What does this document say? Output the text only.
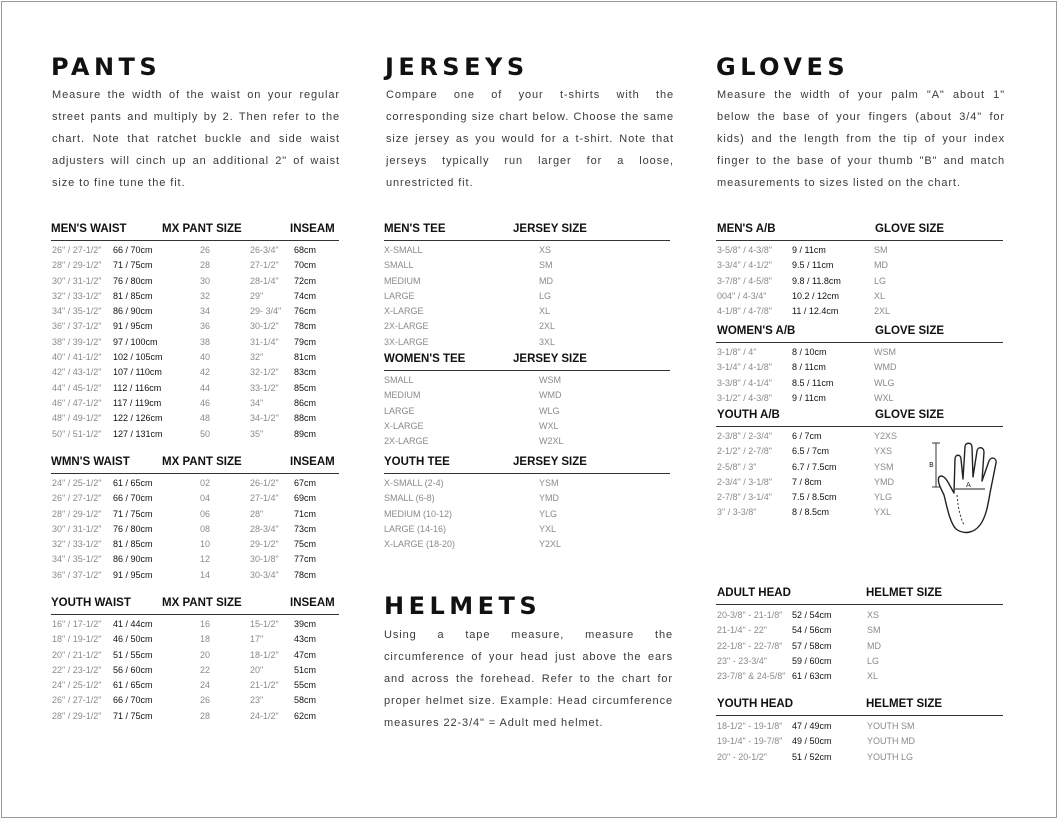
PANTS

Measure the width of the waist on your regular street pants and multiply by 2. Then refer to the chart. Note that ratchet buckle and side waist adjusters will cinch up an additional 2" of waist size to fine tune the fit.

MEN'S WAIST	MX PANT SIZE	INSEAM
26" / 27-1/2" 66 / 70cm	26	26-3/4" 68cm
28" / 29-1/2" 71 / 75cm	28	27-1/2" 70cm
30" / 31-1/2" 76 / 80cm	30	28-1/4" 72cm
32" / 33-1/2" 81 / 85cm	32	29"	74cm
34" / 35-1/2" 86 / 90cm	34	29- 3/4" 76cm
36" / 37-1/2" 91 / 95cm	36	30-1/2" 78cm
38" / 39-1/2" 97 / 100cm	38	31-1/4" 79cm
40" / 41-1/2" 102 / 105cm	40	32"	81cm
42" / 43-1/2" 107 / 110cm	42	32-1/2" 83cm
44" / 45-1/2" 112 / 116cm	44	33-1/2" 85cm
46" / 47-1/2" 117 / 119cm	46	34"	86cm
48" / 49-1/2" 122 / 126cm	48	34-1/2" 88cm
50" / 51-1/2" 127 / 131cm	50	35"	89cm
WMN'S WAIST	MX PANT SIZE	INSEAM
24" / 25-1/2" 61 / 65cm	02	26-1/2" 67cm
26" / 27-1/2" 66 / 70cm	04	27-1/4" 69cm
28" / 29-1/2" 71 / 75cm	06	28"	71cm
30" / 31-1/2" 76 / 80cm	08	28-3/4" 73cm
32" / 33-1/2" 81 / 85cm	10	29-1/2" 75cm
34" / 35-1/2" 86 / 90cm	12	30-1/8" 77cm
36" / 37-1/2" 91 / 95cm	14	30-3/4" 78cm
YOUTH WAIST	MX PANT SIZE	INSEAM
16" / 17-1/2" 41 / 44cm	16	15-1/2" 39cm
18" / 19-1/2" 46 / 50cm	18	17"	43cm
20" / 21-1/2" 51 / 55cm	20	18-1/2" 47cm
22" / 23-1/2" 56 / 60cm	22	20"	51cm
24" / 25-1/2" 61 / 65cm	24	21-1/2" 55cm
26" / 27-1/2" 66 / 70cm	26	23"	58cm
28" / 29-1/2" 71 / 75cm	28	24-1/2" 62cm
JERSEYS

Compare one of your t-shirts with the corresponding size chart below. Choose the same size jersey as you would for a t-shirt. Note that jerseys typically run larger for a loose, unrestricted fit.

MEN'S TEE	JERSEY SIZE
X-SMALL	XS
SMALL	SM
MEDIUM	MD
LARGE	LG
X-LARGE	XL
2X-LARGE	2XL
3X-LARGE	3XL
WOMEN'S TEE	JERSEY SIZE
SMALL	WSM
MEDIUM	WMD
LARGE	WLG
X-LARGE	WXL
2X-LARGE	W2XL
YOUTH TEE	JERSEY SIZE
X-SMALL (2-4)	YSM
SMALL (6-8)	YMD
MEDIUM (10-12)	YLG
LARGE (14-16)	YXL
X-LARGE (18-20)	Y2XL
HELMETS

Using a tape measure, measure the circumference of your head just above the ears and across the forehead. Refer to the chart for proper helmet size. Example: Head circumference measures 22-3/4" = Adult med helmet.

GLOVES

Measure the width of your palm "A" about 1" below the base of your fingers (about 3/4" for kids) and the length from the tip of your index finger to the base of your thumb "B" and match measurements to sizes listed on the chart.

MEN'S A/B	GLOVE SIZE
3-5/8" / 4-3/8" 9 / 11cm	SM
3-3/4" / 4-1/2" 9.5 / 11cm	MD
3-7/8" / 4-5/8" 9.8 / 11.8cm	LG
004" / 4-3/4"	10.2 / 12cm	XL
4-1/8" / 4-7/8" 11 / 12.4cm	2XL
WOMEN'S A/B	GLOVE SIZE
3-1/8" / 4"	8 / 10cm	WSM
3-1/4" / 4-1/8" 8 / 11cm	WMD
3-3/8" / 4-1/4" 8.5 / 11cm	WLG
3-1/2" / 4-3/8" 9 / 11cm	WXL
YOUTH A/B	GLOVE SIZE
2-3/8" / 2-3/4" 6 / 7cm	Y2XS
2-1/2" / 2-7/8" 6.5 / 7cm	YXS
2-5/8" / 3"	6.7 / 7.5cm	YSM
2-3/4" / 3-1/8" 7 / 8cm	YMD
2-7/8" / 3-1/4" 7.5 / 8.5cm	YLG
3" / 3-3/8"	8 / 8.5cm	YXL
B
A
ADULT HEAD	HELMET SIZE
20-3/8" - 21-1/8" 52 / 54cm	XS
21-1/4" - 22"	54 / 56cm	SM
22-1/8" - 22-7/8" 57 / 58cm	MD
23" - 23-3/4"	59 / 60cm	LG
23-7/8" & 24-5/8" 61 / 63cm	XL
YOUTH HEAD	HELMET SIZE
18-1/2" - 19-1/8" 47 / 49cm	YOUTH SM
19-1/4" - 19-7/8" 49 / 50cm	YOUTH MD
20" - 20-1/2"	51 / 52cm	YOUTH LG
